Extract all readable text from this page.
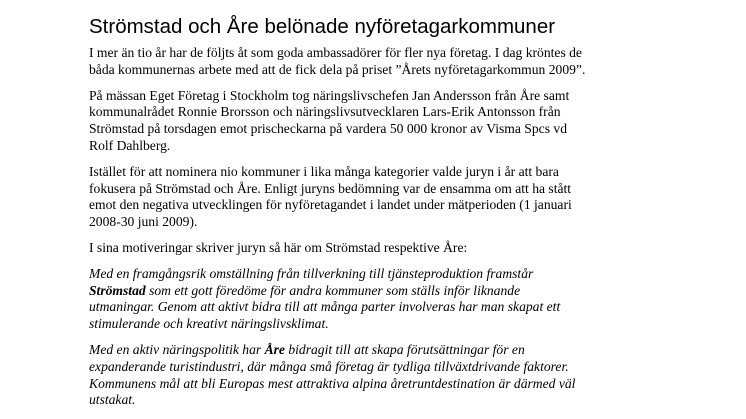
Strömstad och Åre belönade nyföretagarkommuner

I mer än tio år har de följts åt som goda ambassadörer för fler nya företag. I dag kröntes de
båda kommunernas arbete med att de fick dela på priset ”Årets nyföretagarkommun 2009”.

På mässan Eget Företag i Stockholm tog näringslivschefen Jan Andersson från Åre samt
kommunalrådet Ronnie Brorsson och näringslivsutvecklaren Lars-Erik Antonsson från
Strömstad på torsdagen emot prischeckarna på vardera 50 000 kronor av Visma Spcs vd
Rolf Dahlberg.

Istället för att nominera nio kommuner i lika många kategorier valde juryn i år att bara
fokusera på Strömstad och Åre. Enligt juryns bedömning var de ensamma om att ha stått
emot den negativa utvecklingen för nyföretagandet i landet under mätperioden (1 januari
2008-30 juni 2009).

I sina motiveringar skriver juryn så här om Strömstad respektive Åre:

Med en framgångsrik omställning från tillverkning till tjänsteproduktion framstår
Strömstad som ett gott föredöme för andra kommuner som ställs inför liknande
utmaningar. Genom att aktivt bidra till att många parter involveras har man skapat ett
stimulerande och kreativt näringslivsklimat.

Med en aktiv näringspolitik har Åre bidragit till att skapa förutsättningar för en
expanderande turistindustri, där många små företag är tydliga tillväxtdrivande faktorer.
Kommunens mål att bli Europas mest attraktiva alpina åretruntdestination är därmed väl
utstakat.
